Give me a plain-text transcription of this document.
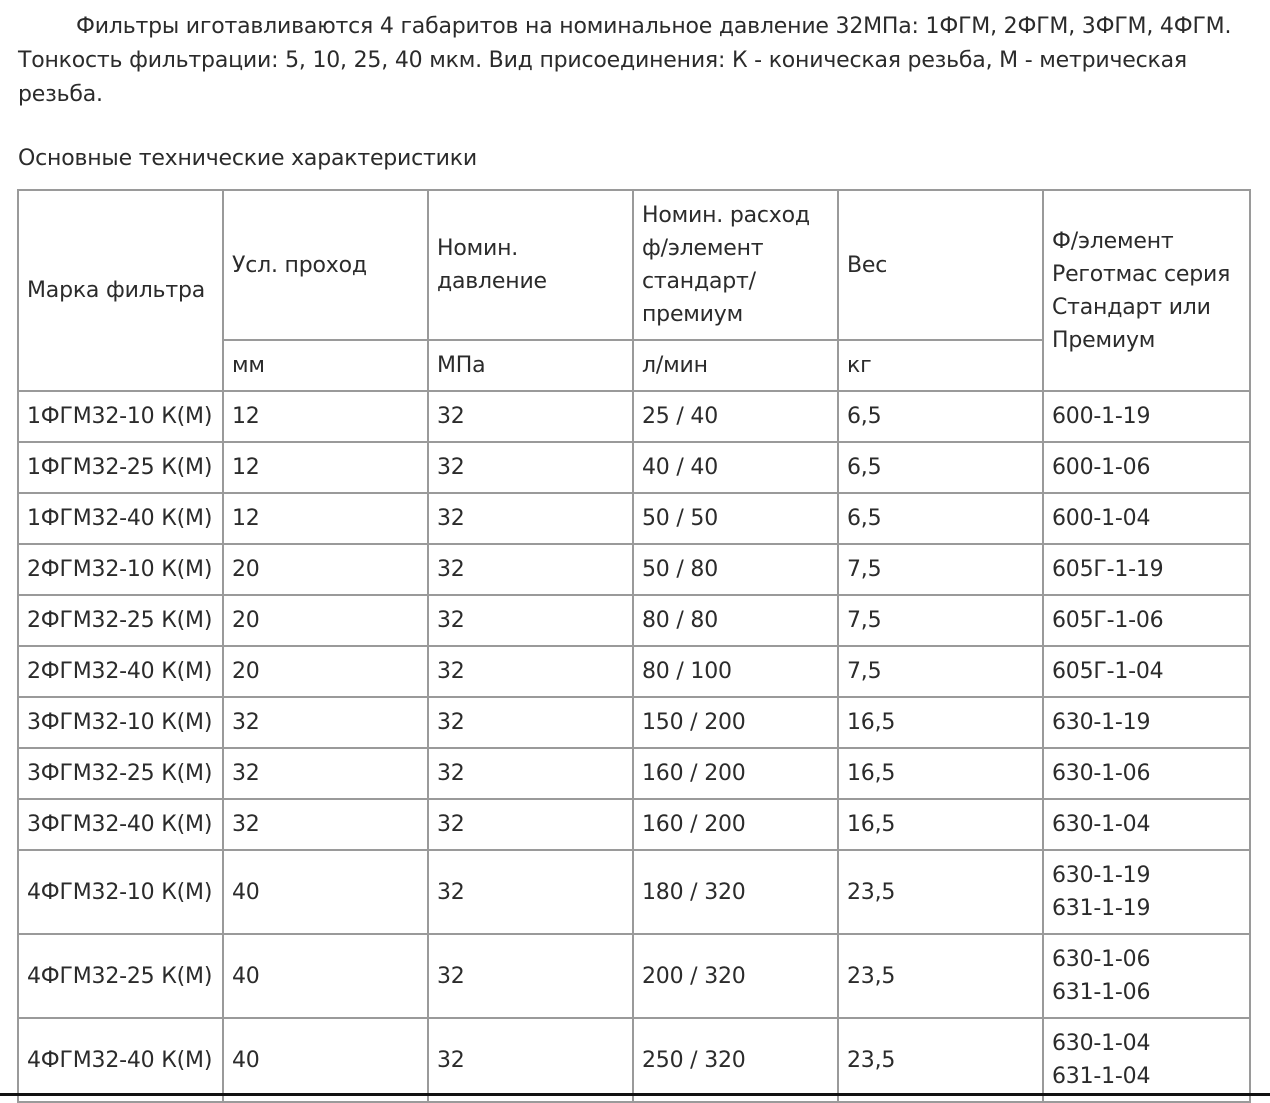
Фильтры иготавливаются 4 габаритов на номинальное давление 32МПа: 1ФГМ, 2ФГМ, 3ФГМ, 4ФГМ. Тонкость фильтрации: 5, 10, 25, 40 мкм. Вид присоединения: К - коническая резьба, М - метрическая резьба.

Основные технические характеристики

Марка фильтра	Усл. проход	Номин. давление	Номин. расход ф/элемент стандарт/ премиум	Вес	Ф/элемент Реготмас серия Стандарт или Премиум
	мм	МПа	л/мин	кг	
1ФГМ32-10 К(М)	12	32	25 / 40	6,5	600-1-19

1ФГМ32-25 К(М)	12	32	40 / 40	6,5	600-1-06

1ФГМ32-40 К(М)	12	32	50 / 50	6,5	600-1-04

2ФГМ32-10 К(М)	20	32	50 / 80	7,5	605Г-1-19

2ФГМ32-25 К(М)	20	32	80 / 80	7,5	605Г-1-06

2ФГМ32-40 К(М)	20	32	80 / 100	7,5	605Г-1-04

3ФГМ32-10 К(М)	32	32	150 / 200	16,5	630-1-19

3ФГМ32-25 К(М)	32	32	160 / 200	16,5	630-1-06

3ФГМ32-40 К(М)	32	32	160 / 200	16,5	630-1-04

4ФГМ32-10 К(М)	40	32	180 / 320	23,5	630-1-19
631-1-19

4ФГМ32-25 К(М)	40	32	200 / 320	23,5	630-1-06
631-1-06

4ФГМ32-40 К(М)	40	32	250 / 320	23,5	630-1-04
631-1-04
